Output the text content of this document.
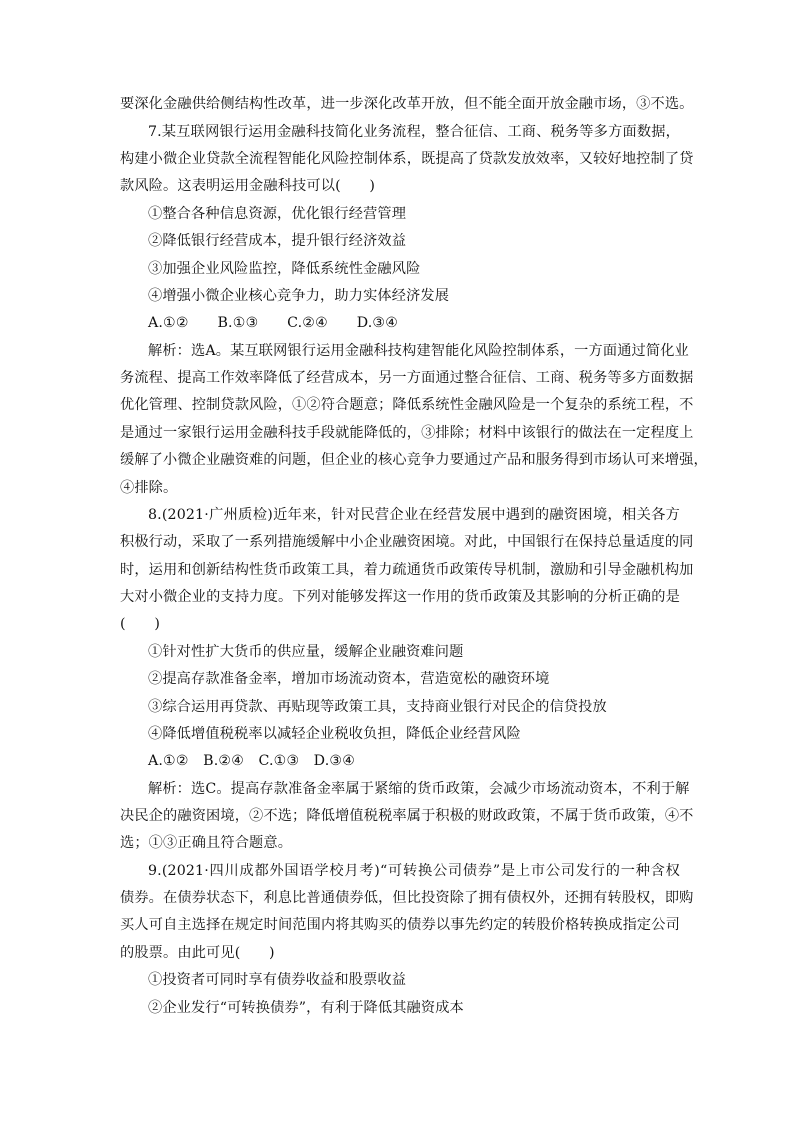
要深化金融供给侧结构性改革，进一步深化改革开放，但不能全面开放金融市场，③不选。
7.某互联网银行运用金融科技简化业务流程，整合征信、工商、税务等多方面数据，
构建小微企业贷款全流程智能化风险控制体系，既提高了贷款发放效率，又较好地控制了贷
款风险。这表明运用金融科技可以(　　)
①整合各种信息资源，优化银行经营管理
②降低银行经营成本，提升银行经济效益
③加强企业风险监控，降低系统性金融风险
④增强小微企业核心竞争力，助力实体经济发展
A.①②　　B.①③　　C.②④　　D.③④
解析：选A。某互联网银行运用金融科技构建智能化风险控制体系，一方面通过简化业
务流程、提高工作效率降低了经营成本，另一方面通过整合征信、工商、税务等多方面数据
优化管理、控制贷款风险，①②符合题意；降低系统性金融风险是一个复杂的系统工程，不
是通过一家银行运用金融科技手段就能降低的，③排除；材料中该银行的做法在一定程度上
缓解了小微企业融资难的问题，但企业的核心竞争力要通过产品和服务得到市场认可来增强，
④排除。
8.(2021·广州质检)近年来，针对民营企业在经营发展中遇到的融资困境，相关各方
积极行动，采取了一系列措施缓解中小企业融资困境。对此，中国银行在保持总量适度的同
时，运用和创新结构性货币政策工具，着力疏通货币政策传导机制，激励和引导金融机构加
大对小微企业的支持力度。下列对能够发挥这一作用的货币政策及其影响的分析正确的是
(　　)
①针对性扩大货币的供应量，缓解企业融资难问题
②提高存款准备金率，增加市场流动资本，营造宽松的融资环境
③综合运用再贷款、再贴现等政策工具，支持商业银行对民企的信贷投放
④降低增值税税率以减轻企业税收负担，降低企业经营风险
A.①②　B.②④　C.①③　D.③④
解析：选C。提高存款准备金率属于紧缩的货币政策，会减少市场流动资本，不利于解
决民企的融资困境，②不选；降低增值税税率属于积极的财政政策，不属于货币政策，④不
选；①③正确且符合题意。
9.(2021·四川成都外国语学校月考)“可转换公司债券”是上市公司发行的一种含权
债券。在债券状态下，利息比普通债券低，但比投资除了拥有债权外，还拥有转股权，即购
买人可自主选择在规定时间范围内将其购买的债券以事先约定的转股价格转换成指定公司
的股票。由此可见(　　)
①投资者可同时享有债券收益和股票收益
②企业发行“可转换债券”，有利于降低其融资成本
